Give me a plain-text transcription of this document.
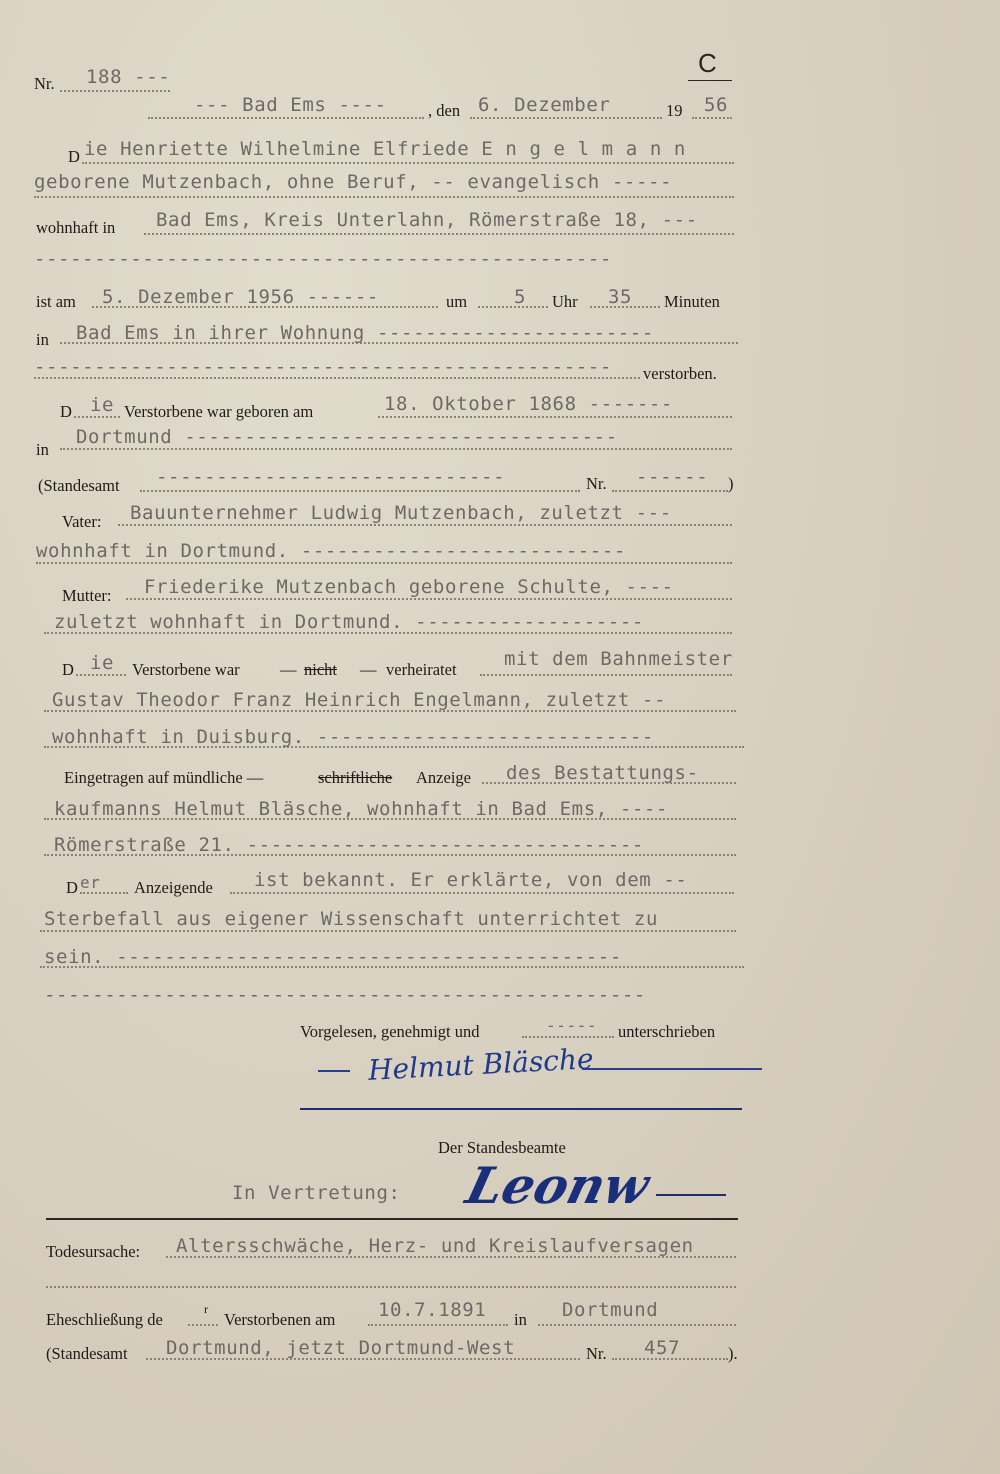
Nr. 188 ---	C
--- Bad Ems ----	, den 6. Dezember	19 56
D ie Henriette Wilhelmine Elfriede E n g e l m a n n
geborene Mutzenbach, ohne Beruf, -- evangelisch -----
wohnhaft in Bad Ems, Kreis Unterlahn, Römerstraße 18, ---
------------------------------------------------
ist am 5. Dezember 1956 ------	um 5 Uhr 35 Minuten
in Bad Ems in ihrer Wohnung -----------------------
------------------------------------------------ verstorben.
D ie Verstorbene war geboren am	18. Oktober 1868 -------
in
Dortmund ------------------------------------
(Standesamt -----------------------------	Nr. ------ )
Vater: Bauunternehmer Ludwig Mutzenbach, zuletzt ---
wohnhaft in Dortmund. ---------------------------
Mutter: Friederike Mutzenbach geborene Schulte, ----
zuletzt wohnhaft in Dortmund. -------------------
D ie Verstorbene war — nicht — verheiratet mit dem Bahnmeister
Gustav Theodor Franz Heinrich Engelmann, zuletzt --
wohnhaft in Duisburg. ----------------------------
Eingetragen auf mündliche —	schriftliche Anzeige des Bestattungs-
kaufmanns Helmut Bläsche, wohnhaft in Bad Ems, ----
Römerstraße 21. ---------------------------------
D er Anzeigende ist bekannt. Er erklärte, von dem --
Sterbefall aus eigener Wissenschaft unterrichtet zu
sein. ------------------------------------------
--------------------------------------------------
Vorgelesen, genehmigt und	----- unterschrieben
Helmut Bläsche
Der Standesbeamte
In Vertretung: Leonw
Todesursache: Altersschwäche, Herz- und Kreislaufversagen
Eheschließung de
r
Verstorbenen am 10.7.1891 in Dortmund
(Standesamt Dortmund, jetzt Dortmund-West	Nr. 457	).
